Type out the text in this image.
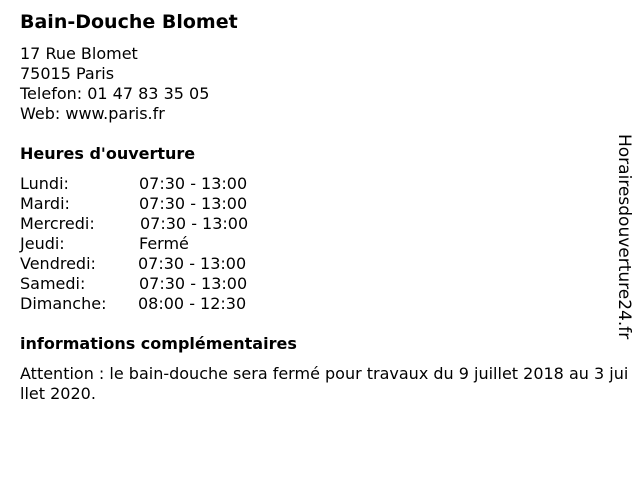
Bain-Douche Blomet
17 Rue Blomet
75015 Paris
Telefon: 01 47 83 35 05
Web: www.paris.fr
Heures d'ouverture
Lundi:	07:30 - 13:00
Mardi:	07:30 - 13:00
Mercredi:	07:30 - 13:00
Jeudi:	Fermé
Vendredi:	07:30 - 13:00
Samedi:	07:30 - 13:00
Dimanche: 08:00 - 12:30
informations complémentaires

Attention : le bain-douche sera fermé pour travaux du 9 juillet 2018 au 3 juillet 2020.

Horairesdouverture24.fr
